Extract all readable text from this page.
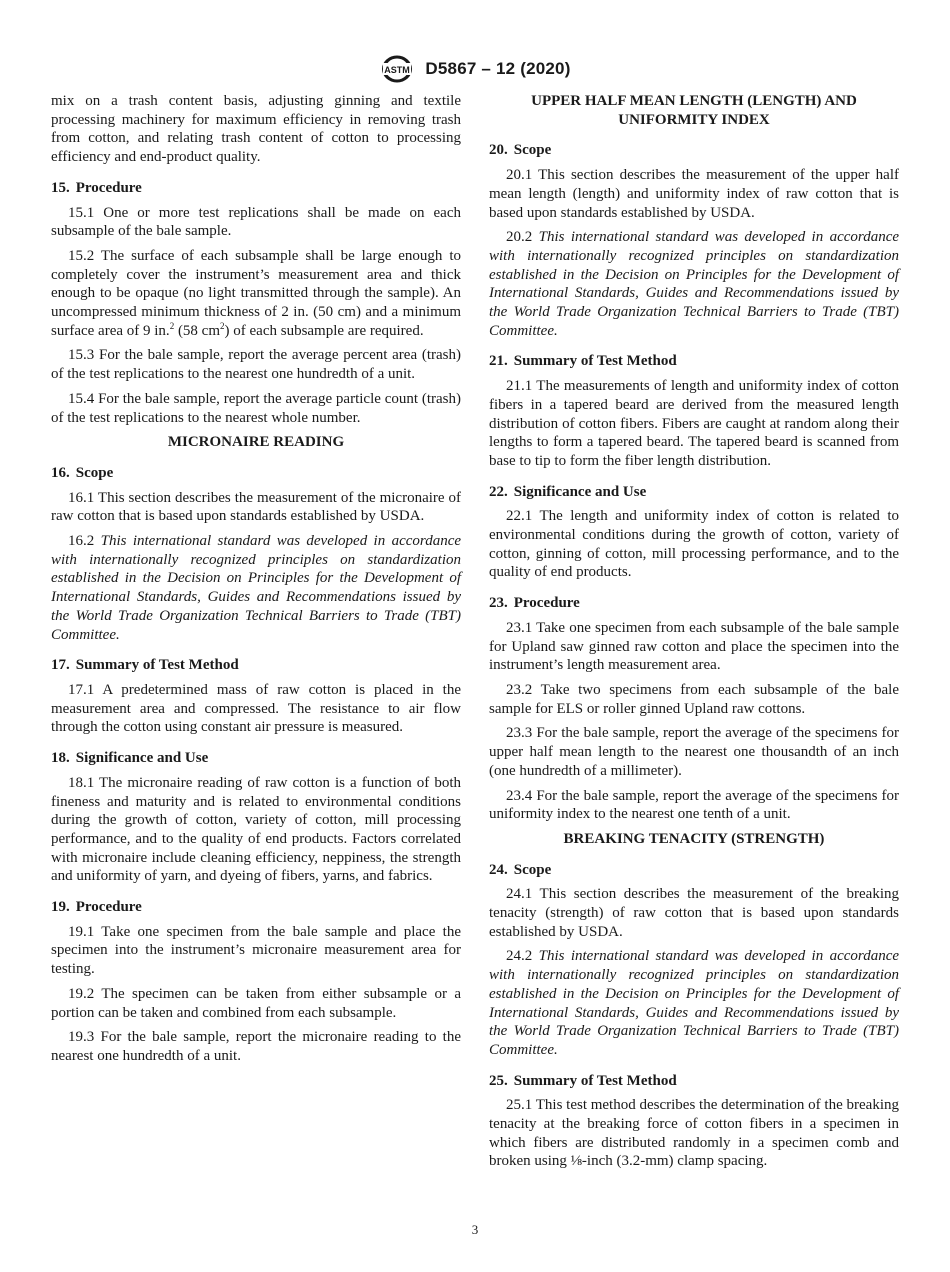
ASTM D5867 – 12 (2020)

mix on a trash content basis, adjusting ginning and textile processing machinery for maximum efficiency in removing trash from cotton, and relating trash content of cotton to processing efficiency and end-product quality.

15. Procedure

15.1 One or more test replications shall be made on each subsample of the bale sample.

15.2 The surface of each subsample shall be large enough to completely cover the instrument’s measurement area and thick enough to be opaque (no light transmitted through the sample). An uncompressed minimum thickness of 2 in. (50 cm) and a minimum surface area of 9 in.$^2$ (58 $cm^2$) of each subsample are required.

15.3 For the bale sample, report the average percent area (trash) of the test replications to the nearest one hundredth of a unit.

15.4 For the bale sample, report the average particle count (trash) of the test replications to the nearest whole number.

MICRONAIRE READING
16. Scope

16.1 This section describes the measurement of the micronaire of raw cotton that is based upon standards established by USDA.

16.2 This international standard was developed in accordance with internationally recognized principles on standardization established in the Decision on Principles for the Development of International Standards, Guides and Recommendations issued by the World Trade Organization Technical Barriers to Trade (TBT) Committee.

17. Summary of Test Method

17.1 A predetermined mass of raw cotton is placed in the measurement area and compressed. The resistance to air flow through the cotton using constant air pressure is measured.

18. Significance and Use

18.1 The micronaire reading of raw cotton is a function of both fineness and maturity and is related to environmental conditions during the growth of cotton, variety of cotton, mill processing performance, and to the quality of end products. Factors correlated with micronaire include cleaning efficiency, neppiness, the strength and uniformity of yarn, and dyeing of fibers, yarns, and fabrics.

19. Procedure

19.1 Take one specimen from the bale sample and place the specimen into the instrument’s micronaire measurement area for testing.

19.2 The specimen can be taken from either subsample or a portion can be taken and combined from each subsample.

19.3 For the bale sample, report the micronaire reading to the nearest one hundredth of a unit.

UPPER HALF MEAN LENGTH (LENGTH) AND UNIFORMITY INDEX
20. Scope

20.1 This section describes the measurement of the upper half mean length (length) and uniformity index of raw cotton that is based upon standards established by USDA.

20.2 This international standard was developed in accordance with internationally recognized principles on standardization established in the Decision on Principles for the Development of International Standards, Guides and Recommendations issued by the World Trade Organization Technical Barriers to Trade (TBT) Committee.

21. Summary of Test Method

21.1 The measurements of length and uniformity index of cotton fibers in a tapered beard are derived from the measured length distribution of cotton fibers. Fibers are caught at random along their lengths to form a tapered beard. The tapered beard is scanned from base to tip to form the fiber length distribution.

22. Significance and Use

22.1 The length and uniformity index of cotton is related to environmental conditions during the growth of cotton, variety of cotton, ginning of cotton, mill processing performance, and to the quality of end products.

23. Procedure

23.1 Take one specimen from each subsample of the bale sample for Upland saw ginned raw cotton and place the specimen into the instrument’s length measurement area.

23.2 Take two specimens from each subsample of the bale sample for ELS or roller ginned Upland raw cottons.

23.3 For the bale sample, report the average of the specimens for upper half mean length to the nearest one thousandth of an inch (one hundredth of a millimeter).

23.4 For the bale sample, report the average of the specimens for uniformity index to the nearest one tenth of a unit.

BREAKING TENACITY (STRENGTH)
24. Scope

24.1 This section describes the measurement of the breaking tenacity (strength) of raw cotton that is based upon standards established by USDA.

24.2 This international standard was developed in accordance with internationally recognized principles on standardization established in the Decision on Principles for the Development of International Standards, Guides and Recommendations issued by the World Trade Organization Technical Barriers to Trade (TBT) Committee.

25. Summary of Test Method

25.1 This test method describes the determination of the breaking tenacity at the breaking force of cotton fibers in a specimen in which fibers are distributed randomly in a specimen comb and broken using ⅛-inch (3.2-mm) clamp spacing.

3
